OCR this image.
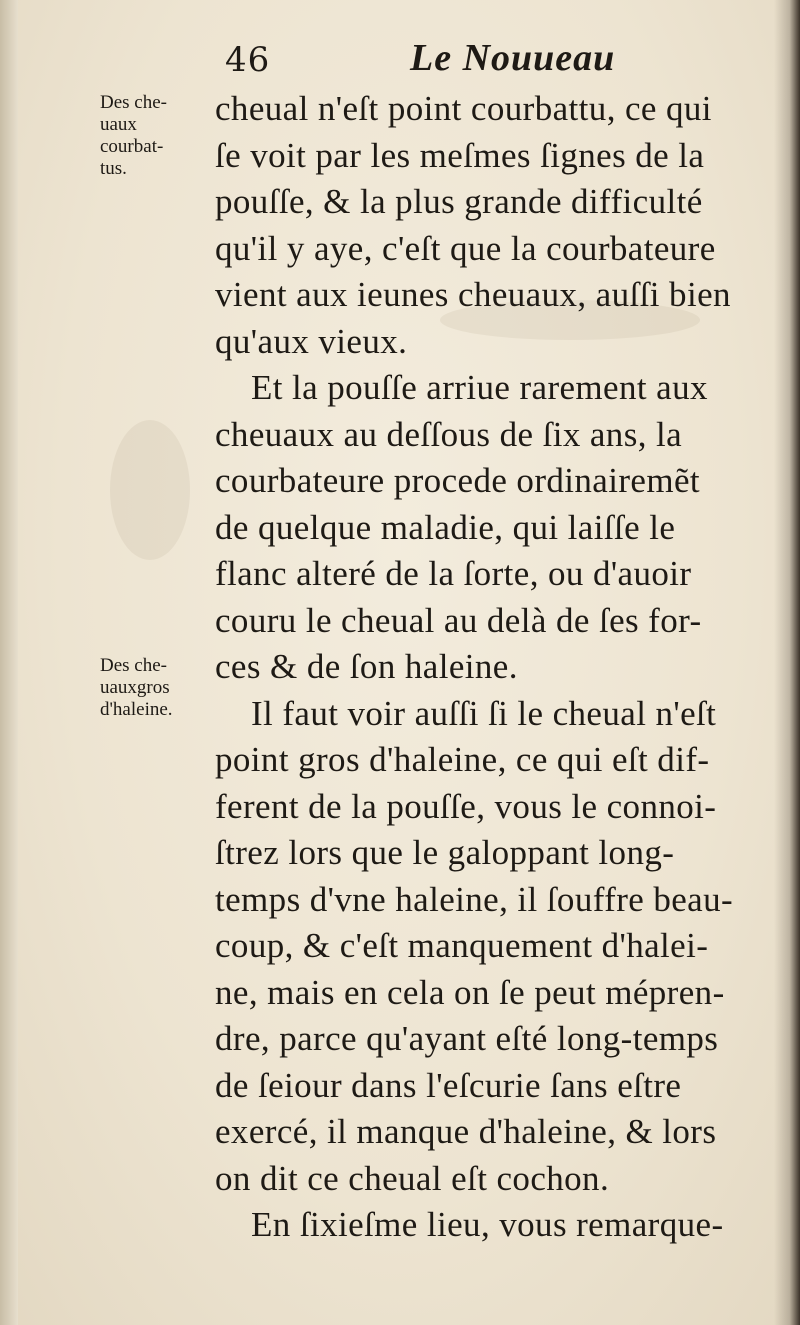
46	Le Nouueau
Des che-
uaux
courbat-
tus.
Des che-
uauxgros
d'haleine.
cheual n'eſt point courbattu, ce qui
ſe voit par les meſmes ſignes de la
pouſſe, & la plus grande difficulté
qu'il y aye, c'eſt que la courbateure
vient aux ieunes cheuaux, auſſi bien
qu'aux vieux.
Et la pouſſe arriue rarement aux
cheuaux au deſſous de ſix ans, la
courbateure procede ordinairemẽt
de quelque maladie, qui laiſſe le
flanc alteré de la ſorte, ou d'auoir
couru le cheual au delà de ſes for-
ces & de ſon haleine.
Il faut voir auſſi ſi le cheual n'eſt
point gros d'haleine, ce qui eſt dif-
ferent de la pouſſe, vous le connoi-
ſtrez lors que le galoppant long-
temps d'vne haleine, il ſouffre beau-
coup, & c'eſt manquement d'halei-
ne, mais en cela on ſe peut mépren-
dre, parce qu'ayant eſté long-temps
de ſeiour dans l'eſcurie ſans eſtre
exercé, il manque d'haleine, & lors
on dit ce cheual eſt cochon.
En ſixieſme lieu, vous remarque-
